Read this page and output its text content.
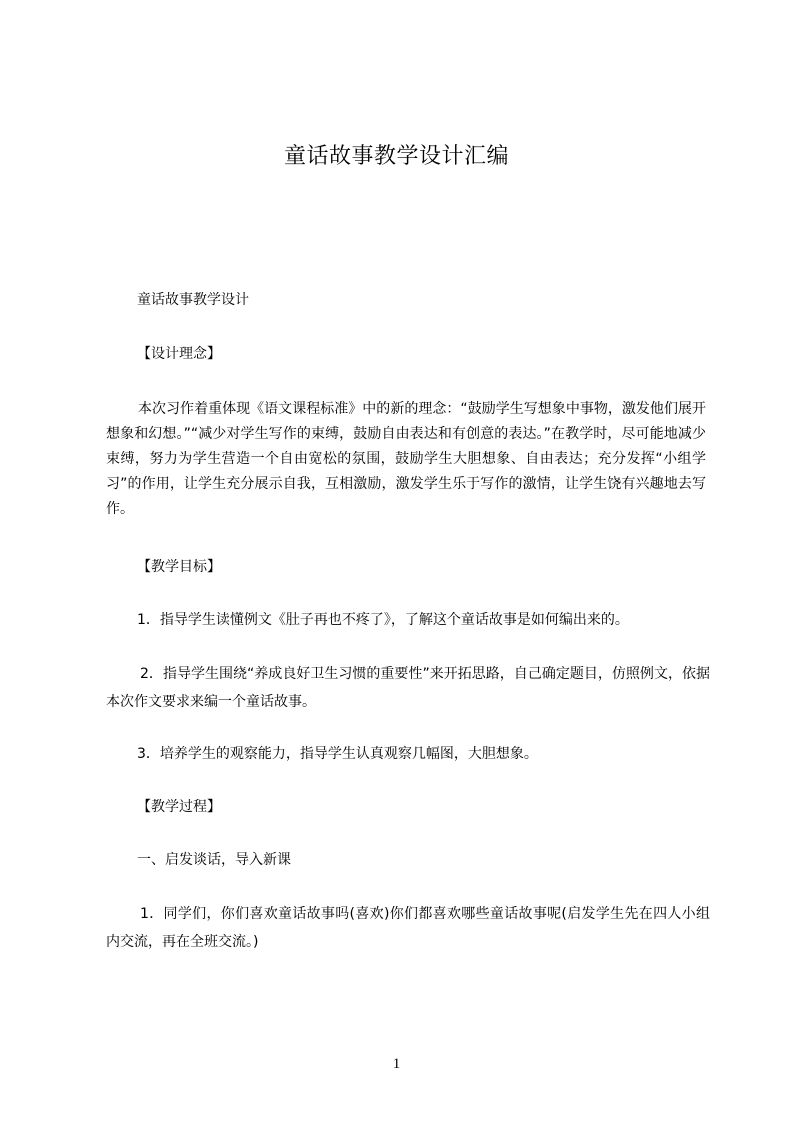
童话故事教学设计汇编
童话故事教学设计
【设计理念】
本次习作着重体现《语文课程标准》中的新的理念：“鼓励学生写想象中事物，激发他们展开想象和幻想。”“减少对学生写作的束缚，鼓励自由表达和有创意的表达。”在教学时，尽可能地减少束缚，努力为学生营造一个自由宽松的氛围，鼓励学生大胆想象、自由表达；充分发挥“小组学习”的作用，让学生充分展示自我，互相激励，激发学生乐于写作的激情，让学生饶有兴趣地去写作。
【教学目标】
1．指导学生读懂例文《肚子再也不疼了》，了解这个童话故事是如何编出来的。
2．指导学生围绕“养成良好卫生习惯的重要性”来开拓思路，自己确定题目，仿照例文，依据本次作文要求来编一个童话故事。
3．培养学生的观察能力，指导学生认真观察几幅图，大胆想象。
【教学过程】
一、启发谈话，导入新课
1．同学们，你们喜欢童话故事吗(喜欢)你们都喜欢哪些童话故事呢(启发学生先在四人小组内交流，再在全班交流。)
1
